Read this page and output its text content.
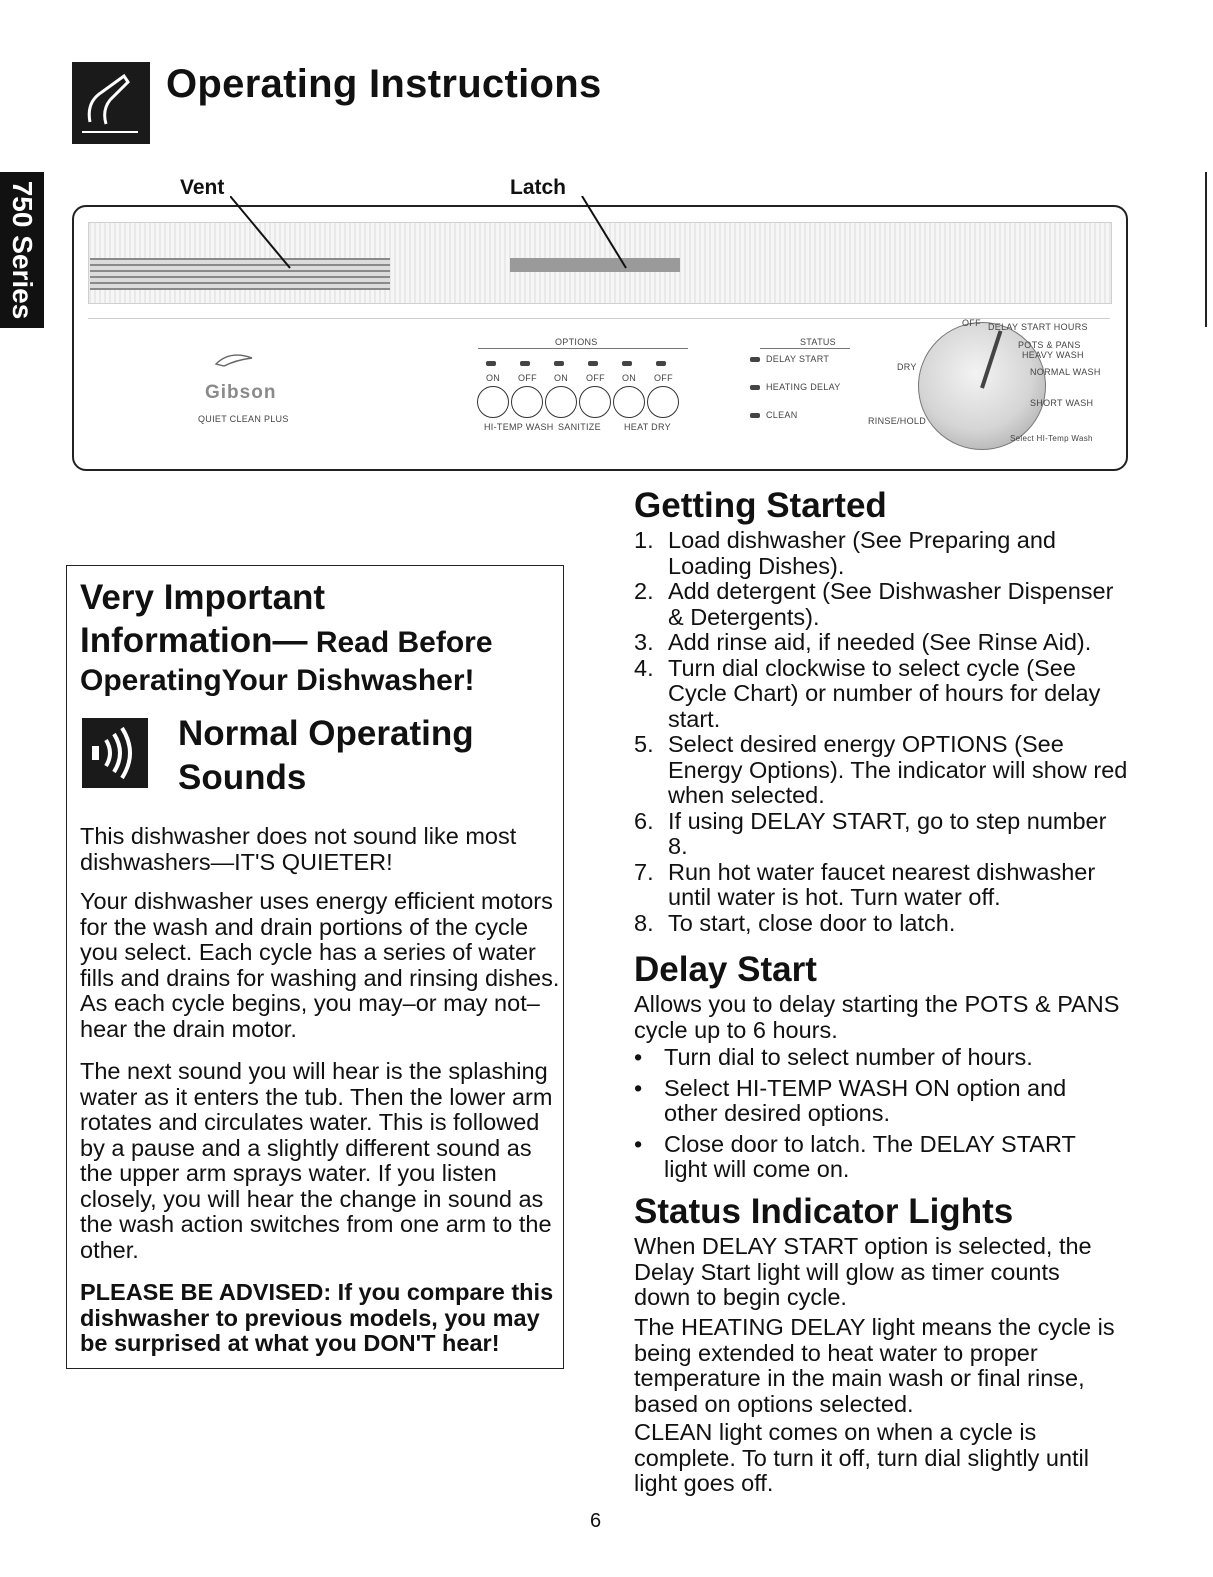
Operating Instructions
750 Series	Vent	Latch
Gibson
QUIET CLEAN PLUS
OPTIONS
ON OFF ON OFF ON OFF
HI-TEMP WASH SANITIZE	HEAT DRY
STATUS
DELAY START
HEATING DELAY
CLEAN
OFF DELAY START HOURS
POTS & PANS
HEAVY WASH
NORMAL WASH
SHORT WASH
RINSE/HOLD
DRY
Select HI-Temp Wash
Very Important
Information— Read Before
OperatingYour Dishwasher!
Normal Operating
Sounds

This dishwasher does not sound like most dishwashers—IT'S QUIETER!

Your dishwasher uses energy efficient motors for the wash and drain portions of the cycle you select. Each cycle has a series of water fills and drains for washing and rinsing dishes. As each cycle begins, you may–or may not–hear the drain motor.

The next sound you will hear is the splashing water as it enters the tub. Then the lower arm rotates and circulates water. This is followed by a pause and a slightly different sound as the upper arm sprays water. If you listen closely, you will hear the change in sound as the wash action switches from one arm to the other.

PLEASE BE ADVISED: If you compare this dishwasher to previous models, you may be surprised at what you DON'T hear!

Getting Started
1. Load dishwasher (See Preparing and Loading Dishes).
2. Add detergent (See Dishwasher Dispenser & Detergents).
3. Add rinse aid, if needed (See Rinse Aid).
4. Turn dial clockwise to select cycle (See Cycle Chart) or number of hours for delay start.
5. Select desired energy OPTIONS (See Energy Options). The indicator will show red when selected.
6. If using DELAY START, go to step number 8.
7. Run hot water faucet nearest dishwasher until water is hot. Turn water off.
8. To start, close door to latch.
Delay Start

Allows you to delay starting the POTS & PANS cycle up to 6 hours.

• Turn dial to select number of hours.
• Select HI-TEMP WASH ON option and other desired options.
• Close door to latch. The DELAY START light will come on.
Status Indicator Lights

When DELAY START option is selected, the Delay Start light will glow as timer counts down to begin cycle.

The HEATING DELAY light means the cycle is being extended to heat water to proper temperature in the main wash or final rinse, based on options selected.

CLEAN light comes on when a cycle is complete. To turn it off, turn dial slightly until light goes off.

6
